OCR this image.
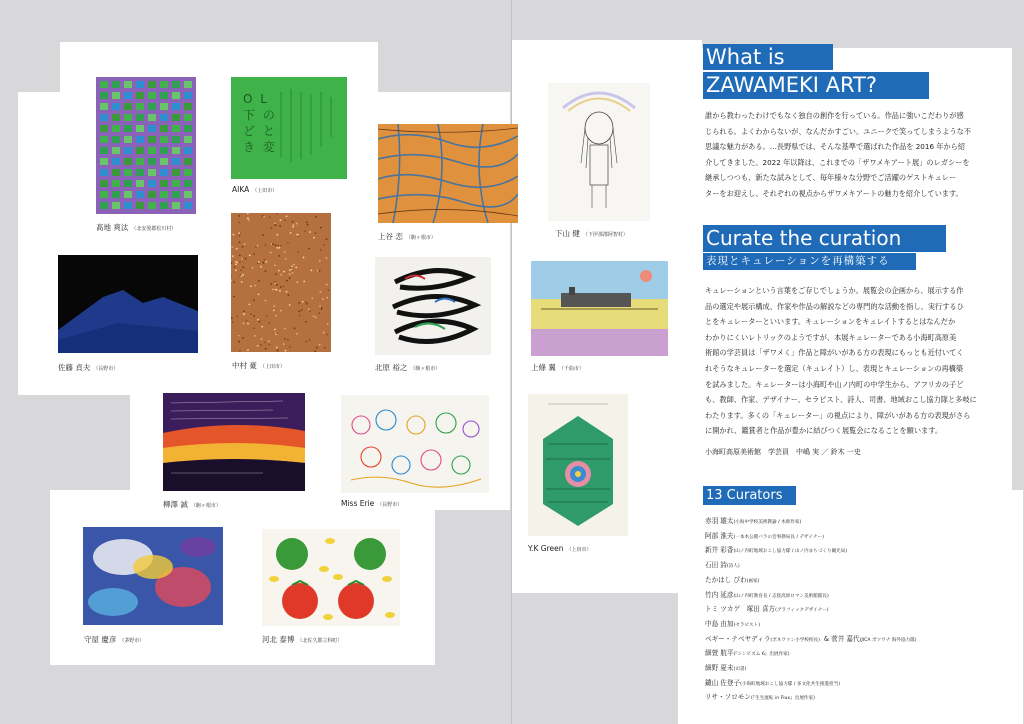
髙地 爽汰 （北安曇郡松川村）
O L 下 の ど と き 変
AIKA （上田市）
上谷 恋 （駒ヶ根市）	下山 健 （下伊那郡阿智村）
佐藤 貞夫 （長野市）	中村 豪 （上田市）	北原 裕之 （駒ヶ根市）	上條 翼 （千曲市）
柳澤 誠 （駒ヶ根市）	Miss Erie （長野市）
Y.K Green （上田市）
守屋 慶彦 （茅野市）	河北 泰博 （北佐久郡立科町）
What is
ZAWAMEKI ART?
誰から教わったわけでもなく独自の創作を行っている。作品に強いこだわりが感
じられる。よくわからないが、なんだかすごい。ユニークで笑ってしまうような不
思議な魅力がある。…長野県では、そんな基準で選ばれた作品を 2016 年から紹
介してきました。2022 年以降は、これまでの「ザワメキアート展」のレガシーを
継承しつつも、新たな試みとして、毎年様々な分野でご活躍のゲストキュレー
ターをお迎えし、それぞれの視点からザワメキアートの魅力を紹介しています。
Curate the curation
表現とキュレーションを再構築する
キュレーションという言葉をご存じでしょうか。展覧会の企画から、展示する作
品の選定や展示構成、作家や作品の解説などの専門的な活動を指し、実行するひ
とをキュレーターといいます。キュレーションをキュレイトするとはなんだか
わかりにくいレトリックのようですが、本展キュレーターである小海町高原美
術館の学芸員は「ザワメく」作品と障がいがある方の表現にもっとも近付いてく
れそうなキュレーターを選定（キュレイト）し、表現とキュレーションの再構築
を試みました。キュレーターは小海町や山ノ内町の中学生から、アフリカの子ど
も、教師、作家、デザイナー、セラピスト、詩人、司書、地域おこし協力隊と多岐に
わたります。多くの「キュレーター」の視点により、障がいがある方の表現がさら
に開かれ、鑑賞者と作品が豊かに結びつく展覧会になることを願います。
小海町高原美術館　学芸員　中嶋 実 ／ 鈴木 一史
13 Curators
赤羽 雄太(小海中学校美術教諭 / 木彫作家)
阿部 淮夫(一本木公園バラの会事務局長 / デザイナー)
新井 彩香(山ノ内町地域おこし協力隊 / 山ノ内まちづくり観光局)
石田 詩(詩人)
たかはし びわ(画家)
竹内 延彦(山ノ内町教育長 / 志賀高原ロマン美術館館長)
トミ ツカゲ　塚田 喜方(グラフィックデザイナー)
中島 由加(セラピスト)
ベギー・テベヤディラ(ボネワァン小学校校長) & 菅井 嘉代(JICA ボツワナ 海外協力隊)
細萱 航平(『シンビズム 6』出展作家)
細野 夏未(司書)
鑓山 佐登子(小海町地域おこし協力隊 / 多文化共生推進担当)
リサ・ソロモン(『生生流転 in Flux』出展作家)
